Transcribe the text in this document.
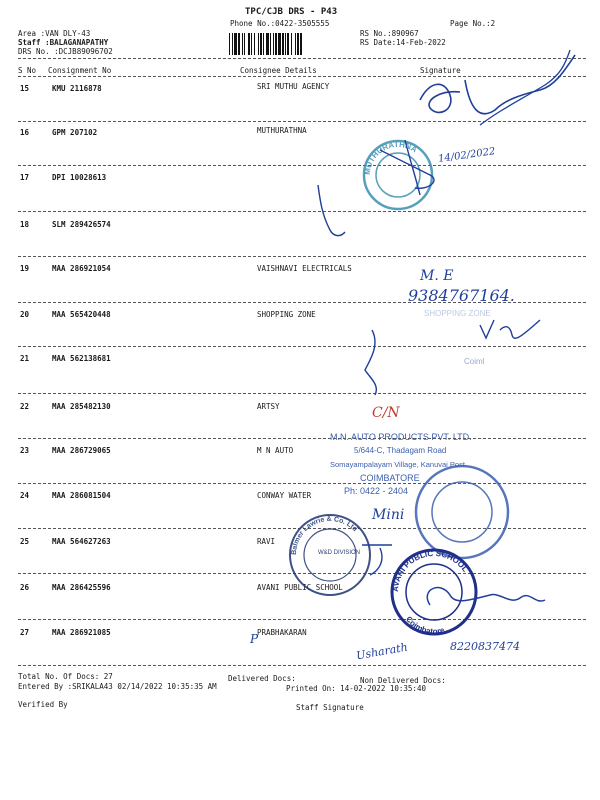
TPC/CJB DRS - P43
Phone No.:0422-3505555
Area :VAN DLY-43
Staff :BALAGANAPATHY
DRS No. :DCJB89096702
RS No.:890967
RS Date:14-Feb-2022
Page No.:2
S No Consignment No	Consignee Details	Signature
15	KMU 2116878	SRI MUTHU AGENCY
16	GPM 207102	MUTHURATHNA
17	DPI 10028613
18	SLM 289426574
19	MAA 286921054	VAISHNAVI ELECTRICALS
20	MAA 565420448	SHOPPING ZONE
21	MAA 562138681
22	MAA 285482130	ARTSY
23	MAA 286729065	M N AUTO
24	MAA 286081504	CONWAY WATER
25	MAA 564627263	RAVI
26	MAA 286425596	AVANI PUBLIC SCHOOL
27	MAA 286921085	PRABHAKARAN
Total No. Of Docs: 27	Delivered Docs:	Non Delivered Docs:
Entered By :SRIKALA43 02/14/2022 10:35:35 AM	Printed On: 14-02-2022 10:35:40
Verified By	Staff Signature
MUTHURATHNA
Balmer Lawrie & Co. Ltd
AVANI PUBLIC SCHOOL
Coimbatore
9384767164.
M. E
C/N
Mini
14/02/2022
Usharath	8220837474
P
SHOPPING ZONE
Coiml
M.N. AUTO PRODUCTS PVT. LTD.
5/644-C, Thadagam Road
Somayampalayam Village, Kanuvai Post
COIMBATORE
Ph: 0422 - 2404
W&D DIVISION
